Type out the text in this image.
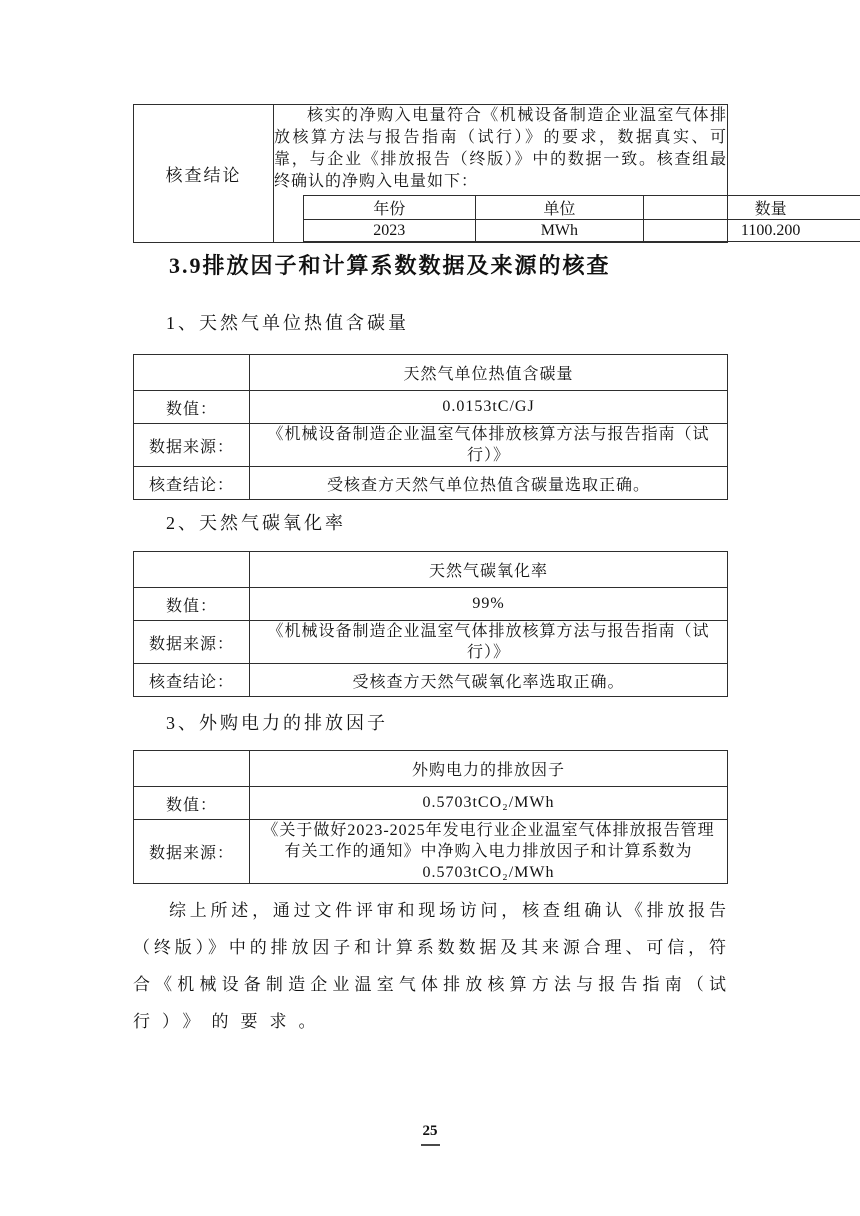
核查结论	
核实的净购入电量符合《机械设备制造企业温室气体排
放核算方法与报告指南（试行）》的要求，数据真实、可
靠，与企业《排放报告（终版）》中的数据一致。核查组最
终确认的净购入电量如下：
年份	单位	数量
2023	MWh	1100.200
3.9排放因子和计算系数数据及来源的核查
1、天然气单位热值含碳量
	天然气单位热值含碳量
数值：	0.0153tC/GJ
数据来源：	《机械设备制造企业温室气体排放核算方法与报告指南（试
行）》

核查结论：	受核查方天然气单位热值含碳量选取正确。
2、天然气碳氧化率
	天然气碳氧化率
数值：	99%
数据来源：	《机械设备制造企业温室气体排放核算方法与报告指南（试
行）》

核查结论：	受核查方天然气碳氧化率选取正确。
3、外购电力的排放因子
	外购电力的排放因子
数值：	0.5703tCO₂/MWh
数据来源：	《关于做好2023-2025年发电行业企业温室气体排放报告管理
有关工作的通知》中净购入电力排放因子和计算系数为
0.5703tCO₂/MWh
综上所述，通过文件评审和现场访问，核查组确认《排放报告
（终版）》中的排放因子和计算系数数据及其来源合理、可信，符
合《机械设备制造企业温室气体排放核算方法与报告指南（试
行）》的要求。
25
